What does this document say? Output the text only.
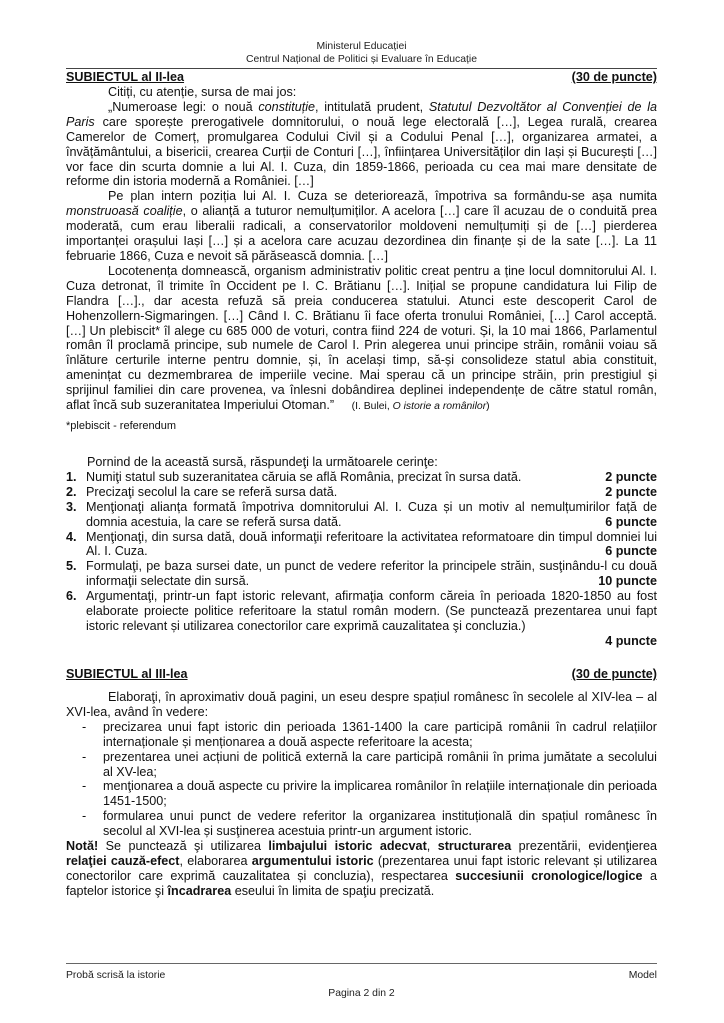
Ministerul Educației
Centrul Național de Politici și Evaluare în Educație
SUBIECTUL al II-lea	(30 de puncte)

Citiți, cu atenție, sursa de mai jos:

„Numeroase legi: o nouă constituție, intitulată prudent, Statutul Dezvoltător al Convenției de la Paris care sporește prerogativele domnitorului, o nouă lege electorală […], Legea rurală, crearea Camerelor de Comerț, promulgarea Codului Civil și a Codului Penal […], organizarea armatei, a învățământului, a bisericii, crearea Curții de Conturi […], înființarea Universităților din Iași și București […] vor face din scurta domnie a lui Al. I. Cuza, din 1859-1866, perioada cu cea mai mare densitate de reforme din istoria modernă a României. […]

Pe plan intern poziția lui Al. I. Cuza se deteriorează, împotriva sa formându-se așa numita monstruoasă coaliție, o alianță a tuturor nemulțumiților. A acelora […] care îl acuzau de o conduită prea moderată, cum erau liberalii radicali, a conservatorilor moldoveni nemulțumiți și de […] pierderea importanței orașului Iași […] și a acelora care acuzau dezordinea din finanțe și de la sate […]. La 11 februarie 1866, Cuza e nevoit să părăsească domnia. […]

Locotenența domnească, organism administrativ politic creat pentru a ține locul domnitorului Al. I. Cuza detronat, îl trimite în Occident pe I. C. Brătianu […]. Inițial se propune candidatura lui Filip de Flandra […]., dar acesta refuză să preia conducerea statului. Atunci este descoperit Carol de Hohenzollern-Sigmaringen. […] Când I. C. Brătianu îi face oferta tronului României, […] Carol acceptă. […] Un plebiscit* îl alege cu 685 000 de voturi, contra fiind 224 de voturi. Și, la 10 mai 1866, Parlamentul român îl proclamă principe, sub numele de Carol I. Prin alegerea unui principe străin, românii voiau să înlăture certurile interne pentru domnie, și, în același timp, să-și consolideze statul abia constituit, amenințat cu dezmembrarea de imperiile vecine. Mai sperau că un principe străin, prin prestigiul și sprijinul familiei din care provenea, va înlesni dobândirea deplinei independențe de către statul român, aflat încă sub suzeranitatea Imperiului Otoman.” (I. Bulei, O istorie a românilor)

*plebiscit - referendum

Pornind de la această sursă, răspundeţi la următoarele cerinţe:

1. Numiţi statul sub suzeranitatea căruia se află România, precizat în sursa dată.	2 puncte
2. Precizaţi secolul la care se referă sursa dată.	2 puncte
3. Menţionaţi alianța formată împotriva domnitorului Al. I. Cuza și un motiv al nemulțumirilor față de domnia acestuia, la care se referă sursa dată.	6 puncte
4. Menţionaţi, din sursa dată, două informaţii referitoare la activitatea reformatoare din timpul domniei lui Al. I. Cuza.	6 puncte
5. Formulaţi, pe baza sursei date, un punct de vedere referitor la principele străin, susţinându-l cu două informaţii selectate din sursă.	10 puncte
6. Argumentaţi, printr-un fapt istoric relevant, afirmaţia conform căreia în perioada 1820-1850 au fost elaborate proiecte politice referitoare la statul român modern. (Se punctează prezentarea unui fapt istoric relevant și utilizarea conectorilor care exprimă cauzalitatea şi concluzia.)
4 puncte
SUBIECTUL al III-lea	(30 de puncte)

Elaboraţi, în aproximativ două pagini, un eseu despre spațiul românesc în secolele al XIV-lea – al XVI-lea, având în vedere:

-	precizarea unui fapt istoric din perioada 1361-1400 la care participă românii în cadrul relațiilor internaționale și menționarea a două aspecte referitoare la acesta;
-	prezentarea unei acțiuni de politică externă la care participă românii în prima jumătate a secolului al XV-lea;
-	menţionarea a două aspecte cu privire la implicarea românilor în relațiile internaționale din perioada 1451-1500;
-	formularea unui punct de vedere referitor la organizarea instituțională din spațiul românesc în secolul al XVI-lea și susţinerea acestuia printr-un argument istoric.

Notă! Se punctează şi utilizarea limbajului istoric adecvat, structurarea prezentării, evidenţierea relaţiei cauză-efect, elaborarea argumentului istoric (prezentarea unui fapt istoric relevant și utilizarea conectorilor care exprimă cauzalitatea și concluzia), respectarea succesiunii cronologice/logice a faptelor istorice şi încadrarea eseului în limita de spaţiu precizată.

Probă scrisă la istorie	Model
Pagina 2 din 2
